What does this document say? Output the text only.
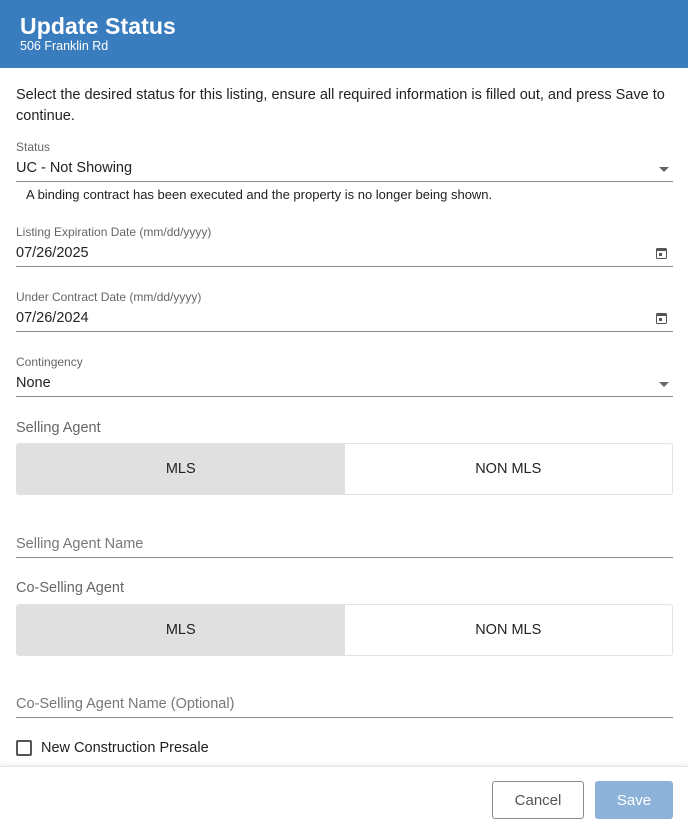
Update Status
506 Franklin Rd
Select the desired status for this listing, ensure all required information is filled out, and press Save to continue.
Status
UC - Not Showing
A binding contract has been executed and the property is no longer being shown.
Listing Expiration Date (mm/dd/yyyy)
07/26/2025
Under Contract Date (mm/dd/yyyy)
07/26/2024
Contingency
None
Selling Agent
MLS	NON MLS
Selling Agent Name
Co-Selling Agent
MLS	NON MLS
Co-Selling Agent Name (Optional)
New Construction Presale
Cancel	Save
